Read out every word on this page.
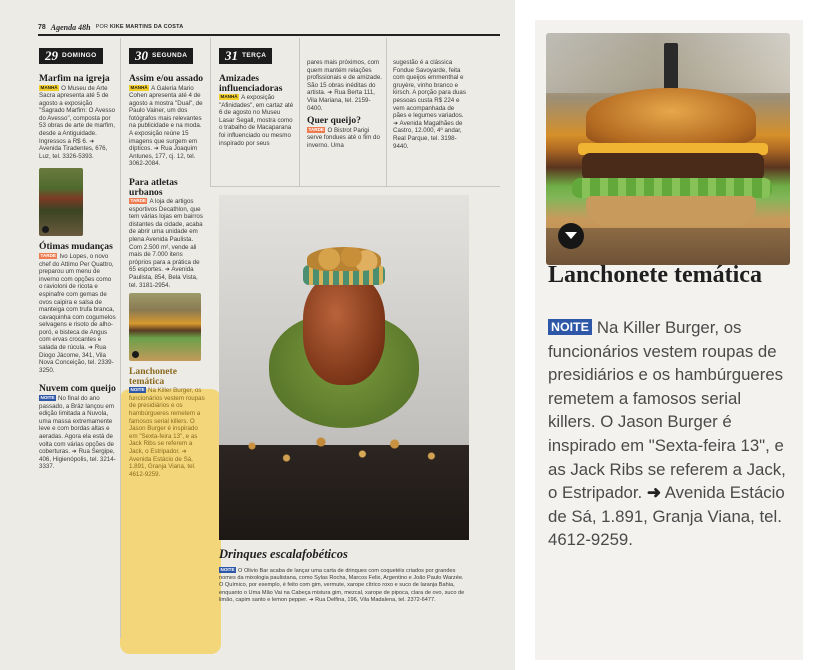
78 Agenda 48h POR KIKE MARTINS DA COSTA
29 DOMINGO
Marfim na igreja
MANHÃ O Museu de Arte Sacra apresenta até 5 de agosto a exposição "Sagrado Marfim: O Avesso do Avesso", composta por 53 obras de arte de marfim, desde a Antiguidade. Ingressos a R$ 6. ➜ Avenida Tiradentes, 676, Luz, tel. 3326-5393.
Ótimas mudanças
TARDE Ivo Lopes, o novo chef do Attimo Per Quattro, preparou um menu de inverno com opções como o ravioloni de ricota e espinafre com gemas de ovos caipira e salsa de manteiga com trufa branca, cavaquinha com cogumelos selvagens e risoto de alho-poró, e bisteca de Angus com ervas crocantes e salada de rúcula. ➜ Rua Diogo Jácome, 341, Vila Nova Conceição, tel. 2339-3250.
Nuvem com queijo
NOITE No final do ano passado, a Bráz lançou em edição limitada a Nuvola, uma massa extremamente leve e com bordas altas e aeradas. Agora ela está de volta com várias opções de coberturas. ➜ Rua Sergipe, 406, Higienópolis, tel. 3214-3337.
30 SEGUNDA
Assim e/ou assado
MANHÃ A Galeria Mario Cohen apresenta até 4 de agosto a mostra "Dual", de Paulo Vainer, um dos fotógrafos mais relevantes na publicidade e na moda. A exposição reúne 15 imagens que surgem em dípticos. ➜ Rua Joaquim Antunes, 177, cj. 12, tel. 3062-2084.
Para atletas urbanos
TARDE A loja de artigos esportivos Decathlon, que tem várias lojas em bairros distantes da cidade, acaba de abrir uma unidade em plena Avenida Paulista. Com 2.500 m², vende ali mais de 7.000 itens próprios para a prática de 65 esportes. ➜ Avenida Paulista, 854, Bela Vista, tel. 3181-2954.
Lanchonete temática
NOITE Na Killer Burger, os funcionários vestem roupas de presidiários e os hambúrgueres remetem a famosos serial killers. O Jason Burger é inspirado em "Sexta-feira 13", e as Jack Ribs se referem a Jack, o Estripador. ➜ Avenida Estácio de Sá, 1.891, Granja Viana, tel. 4612-9259.
31 TERÇA
Amizades influenciadoras
MANHÃ A exposição "Afinidades", em cartaz até 6 de agosto no Museu Lasar Segall, mostra como o trabalho de Macaparana foi influenciado ou mesmo inspirado por seus
pares mais próximos, com quem mantém relações profissionais e de amizade. São 15 obras inéditas do artista. ➜ Rua Berta 111, Vila Mariana, tel. 2159-0400.
Quer queijo?
TARDE O Bistrot Parigi serve fondues até o fim do inverno. Uma
sugestão é a clássica Fondue Savoyarde, feita com queijos emmenthal e gruyère, vinho branco e kirsch. A porção para duas pessoas custa R$ 224 e vem acompanhada de pães e legumes variados. ➜ Avenida Magalhães de Castro, 12.000, 4º andar, Real Parque, tel. 3198-9440.
Drinques escalafobéticos
NOITE O Olivio Bar acaba de lançar uma carta de drinques com coquetéis criados por grandes nomes da mixologia paulistana, como Sylas Rocha, Marcos Felix, Argentino e João Paulo Warzée. O Químico, por exemplo, é feito com gim, vermute, xarope cítrico roxo e suco de laranja Bahia, enquanto o Uma Mão Vai na Cabeça mistura gim, mezcal, xarope de pipoca, clara de ovo, suco de limão, capim santo e lemon pepper. ➜ Rua Delfina, 196, Vila Madalena, tel. 2372-6477.
Lanchonete temática
NOITE Na Killer Burger, os funcionários vestem roupas de presidiários e os hambúrgueres remetem a famosos serial killers. O Jason Burger é inspirado em "Sexta-feira 13", e as Jack Ribs se referem a Jack, o Estripador. ➜ Avenida Estácio de Sá, 1.891, Granja Viana, tel. 4612-9259.
